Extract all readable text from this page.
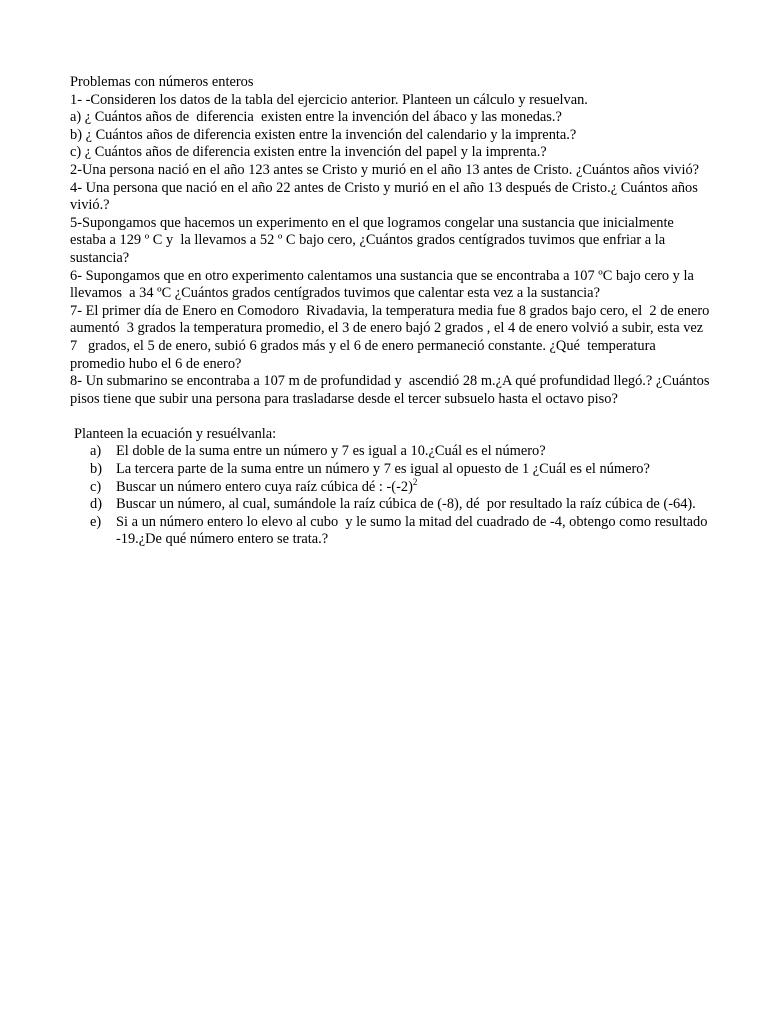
Problemas con números enteros

1- -Consideren los datos de la tabla del ejercicio anterior. Planteen un cálculo y resuelvan.

a) ¿ Cuántos años de  diferencia  existen entre la invención del ábaco y las monedas.?

b) ¿ Cuántos años de diferencia existen entre la invención del calendario y la imprenta.?

c) ¿ Cuántos años de diferencia existen entre la invención del papel y la imprenta.?

2-Una persona nació en el año 123 antes se Cristo y murió en el año 13 antes de Cristo. ¿Cuántos años vivió?

4- Una persona que nació en el año 22 antes de Cristo y murió en el año 13 después de Cristo.¿ Cuántos años vivió.?

5-Supongamos que hacemos un experimento en el que logramos congelar una sustancia que inicialmente estaba a 129 º C y  la llevamos a 52 º C bajo cero, ¿Cuántos grados centígrados tuvimos que enfriar a la sustancia?

6- Supongamos que en otro experimento calentamos una sustancia que se encontraba a 107 ºC bajo cero y la llevamos  a 34 ºC ¿Cuántos grados centígrados tuvimos que calentar esta vez a la sustancia?

7- El primer día de Enero en Comodoro  Rivadavia, la temperatura media fue 8 grados bajo cero, el  2 de enero aumentó  3 grados la temperatura promedio, el 3 de enero bajó 2 grados , el 4 de enero volvió a subir, esta vez 7   grados, el 5 de enero, subió 6 grados más y el 6 de enero permaneció constante. ¿Qué  temperatura promedio hubo el 6 de enero?

8- Un submarino se encontraba a 107 m de profundidad y  ascendió 28 m.¿A qué profundidad llegó.? ¿Cuántos pisos tiene que subir una persona para trasladarse desde el tercer subsuelo hasta el octavo piso?

Planteen la ecuación y resuélvanla:

a)	El doble de la suma entre un número y 7 es igual a 10.¿Cuál es el número?
b) La tercera parte de la suma entre un número y 7 es igual al opuesto de 1 ¿Cuál es el número?
c)	Buscar un número entero cuya raíz cúbica dé : $-(-2)^2$
d) Buscar un número, al cual, sumándole la raíz cúbica de (-8), dé  por resultado la raíz cúbica de (-64).
e)	Si a un número entero lo elevo al cubo  y le sumo la mitad del cuadrado de -4, obtengo como resultado -19.¿De qué número entero se trata.?
